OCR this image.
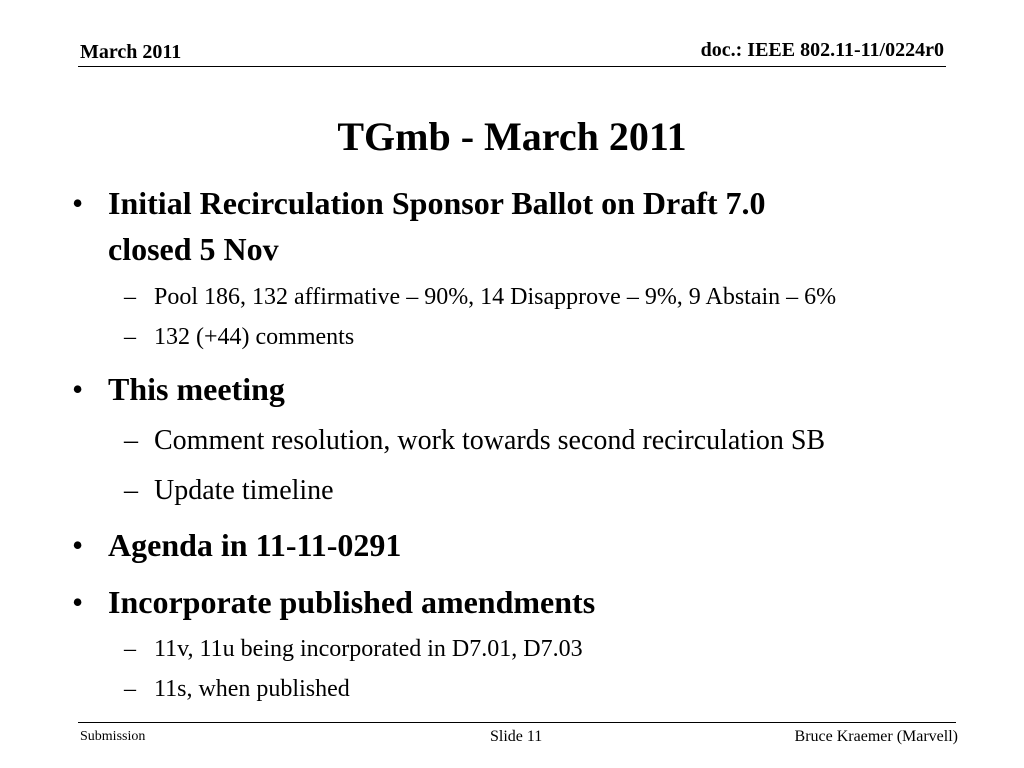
March 2011	doc.: IEEE 802.11-11/0224r0
TGmb - March 2011
• Initial Recirculation Sponsor Ballot on Draft 7.0
closed 5 Nov
– Pool 186, 132 affirmative – 90%, 14 Disapprove – 9%, 9 Abstain – 6%
– 132 (+44) comments
• This meeting
– Comment resolution, work towards second recirculation SB
– Update timeline
• Agenda in 11-11-0291
• Incorporate published amendments
– 11v, 11u being incorporated in D7.01, D7.03
– 11s, when published
Submission	Slide 11	Bruce Kraemer (Marvell)
